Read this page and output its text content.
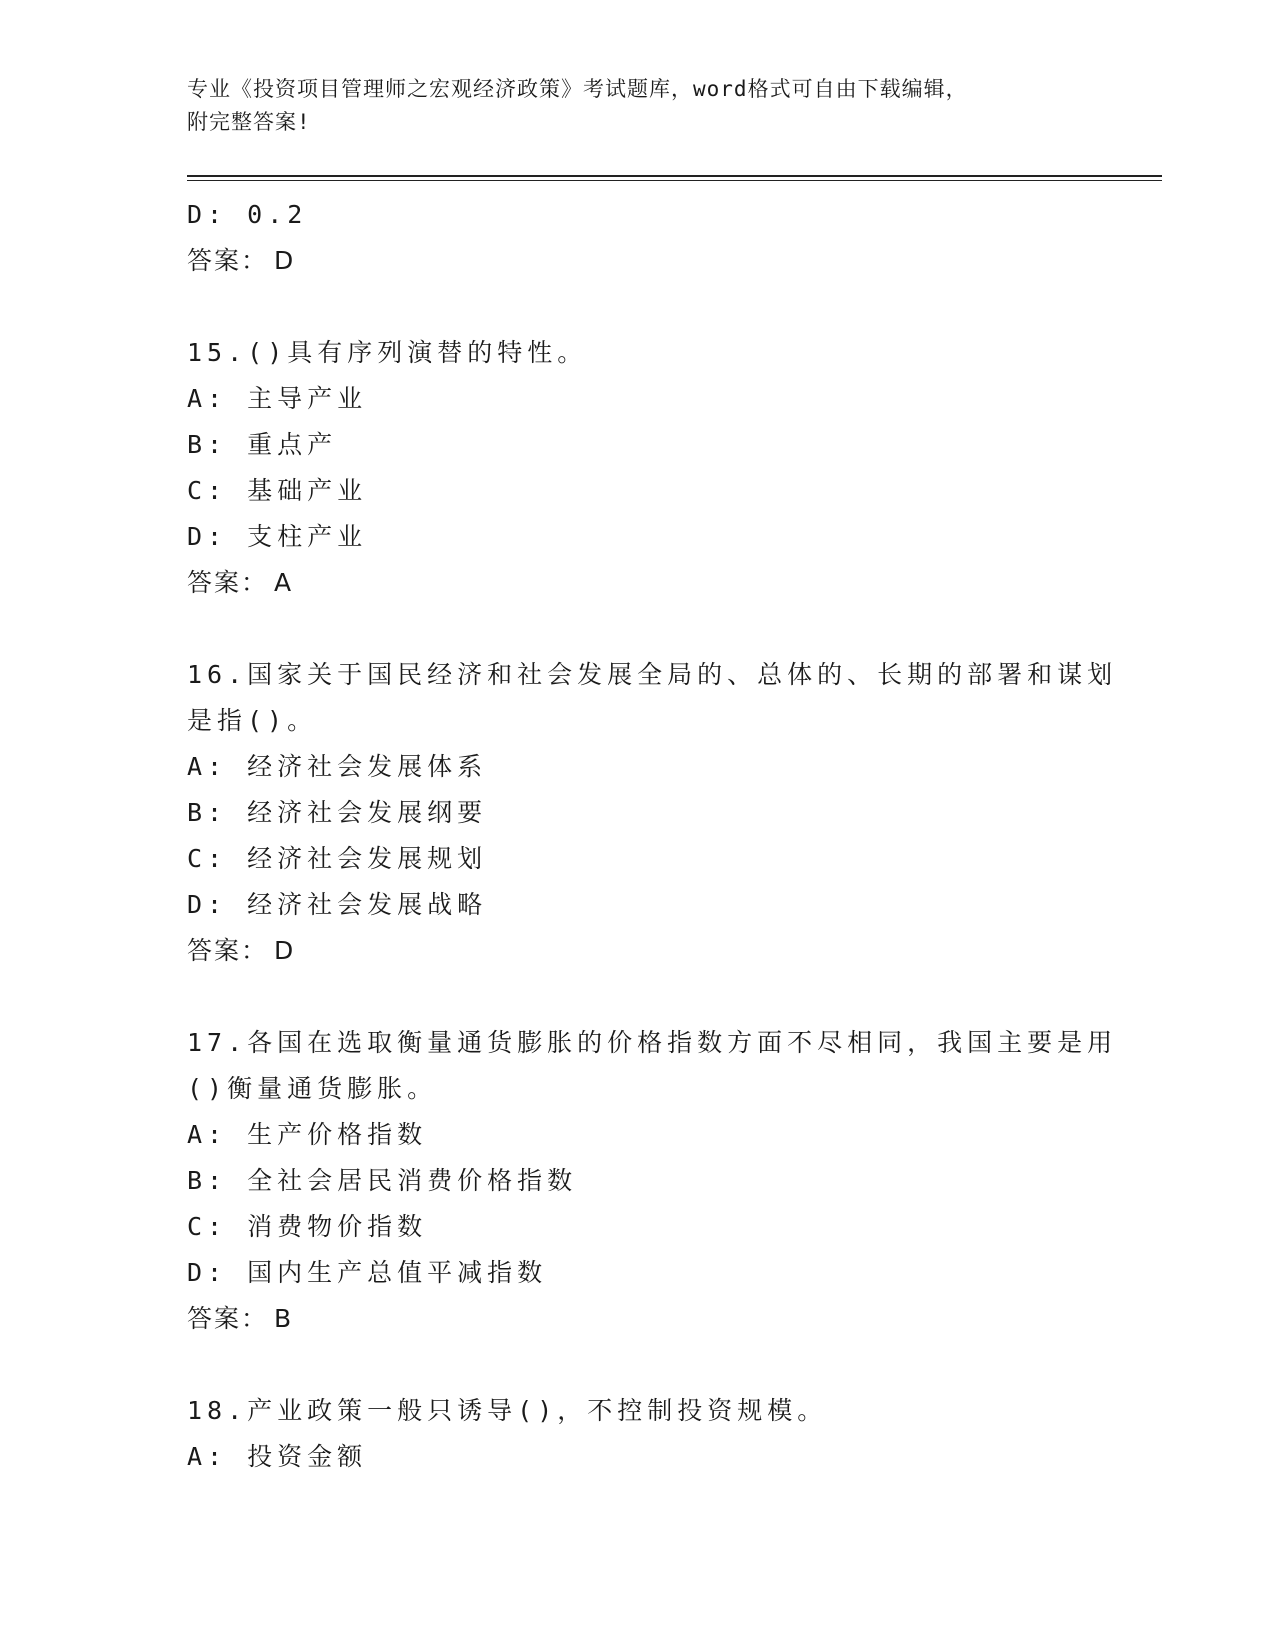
专业《投资项目管理师之宏观经济政策》考试题库，word格式可自由下载编辑，
附完整答案!
D: 0.2
答案： D
15.()具有序列演替的特性。
A: 主导产业
B: 重点产
C: 基础产业
D: 支柱产业
答案： A
16.国家关于国民经济和社会发展全局的、总体的、长期的部署和谋划
是指()。
A: 经济社会发展体系
B: 经济社会发展纲要
C: 经济社会发展规划
D: 经济社会发展战略
答案： D
17.各国在选取衡量通货膨胀的价格指数方面不尽相同，我国主要是用
()衡量通货膨胀。
A: 生产价格指数
B: 全社会居民消费价格指数
C: 消费物价指数
D: 国内生产总值平减指数
答案： B
18.产业政策一般只诱导()，不控制投资规模。
A: 投资金额
